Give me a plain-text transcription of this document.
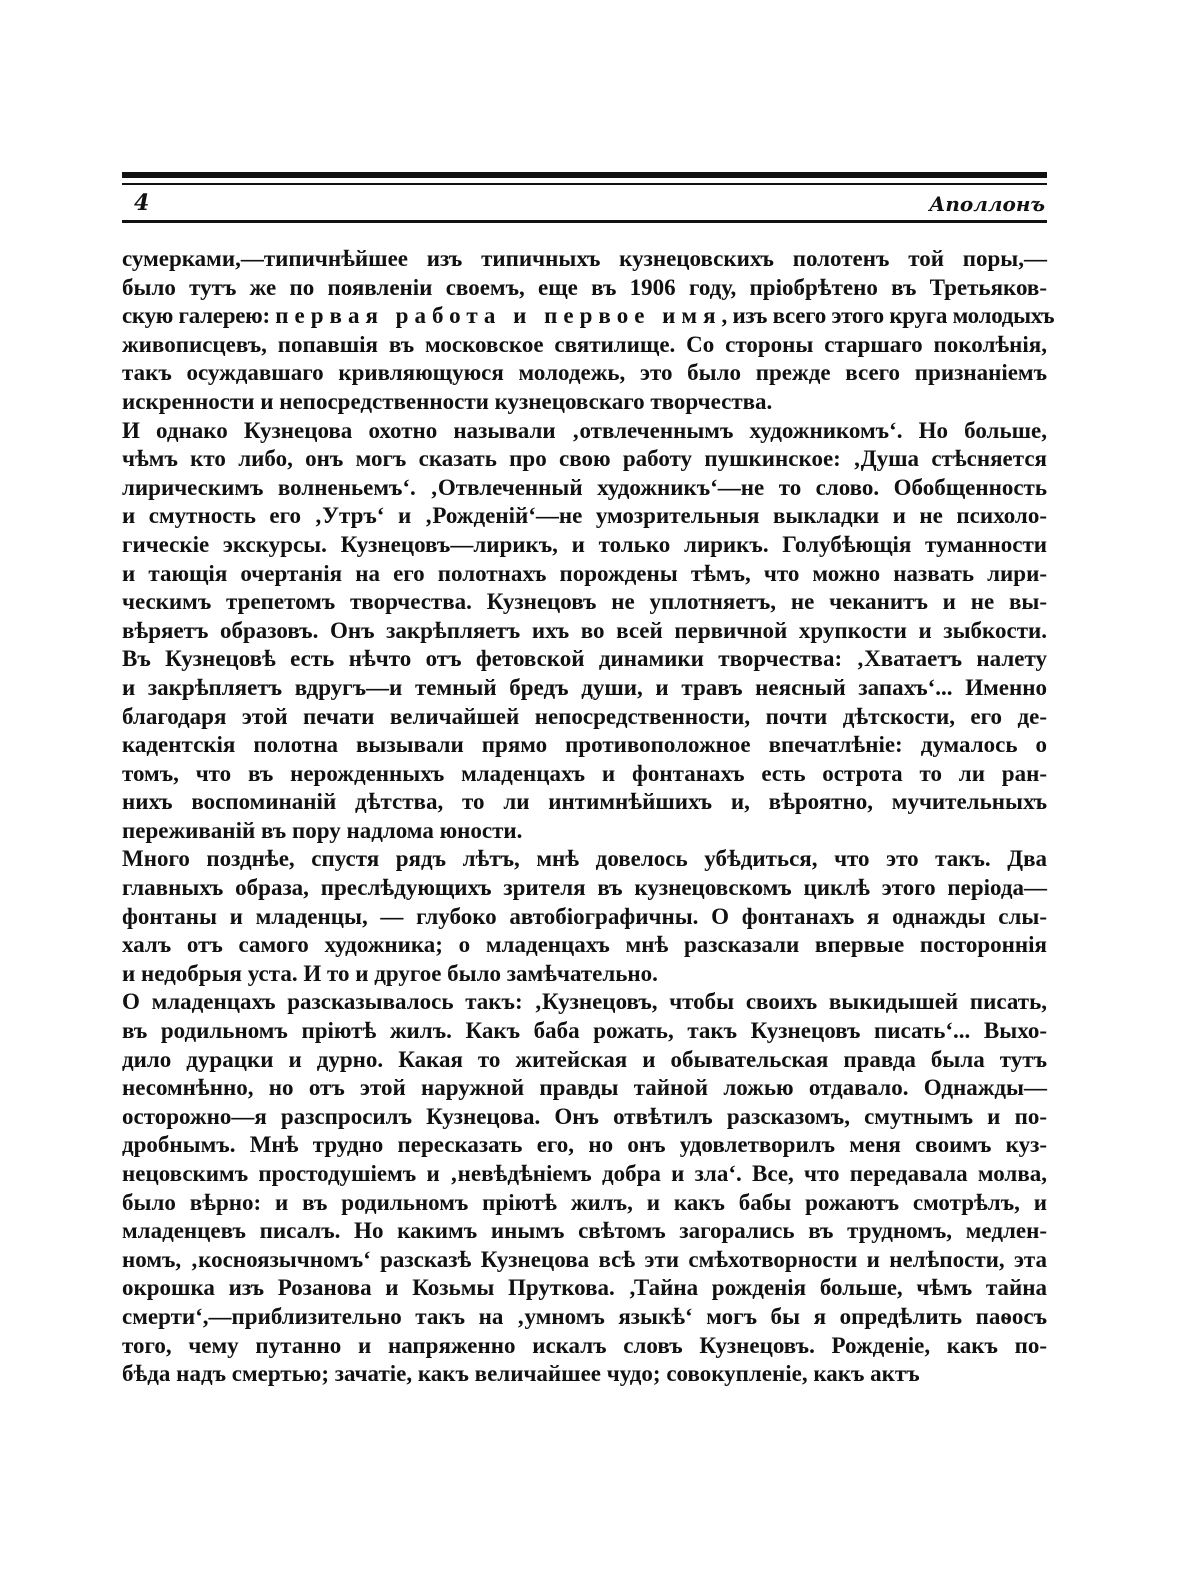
4	Аполлонъ
сумерками,—типичнѣйшее изъ типичныхъ кузнецовскихъ полотенъ той поры,—
было тутъ же по появленіи своемъ, еще въ 1906 году, пріобрѣтено въ Третьяков-
скую галерею: первая работа и первое имя, изъ всего этого круга молодыхъ
живописцевъ, попавшія въ московское святилище. Со стороны старшаго поколѣнія,
такъ осуждавшаго кривляющуюся молодежь, это было прежде всего признаніемъ
искренности и непосредственности кузнецовскаго творчества.
И однако Кузнецова охотно называли ‚отвлеченнымъ художникомъ‘. Но больше,
чѣмъ кто либо, онъ могъ сказать про свою работу пушкинское: ‚Душа стѣсняется
лирическимъ волненьемъ‘. ‚Отвлеченный художникъ‘—не то слово. Обобщенность
и смутность его ‚Утръ‘ и ‚Рожденій‘—не умозрительныя выкладки и не психоло-
гическіе экскурсы. Кузнецовъ—лирикъ, и только лирикъ. Голубѣющія туманности
и тающія очертанія на его полотнахъ порождены тѣмъ, что можно назвать лири-
ческимъ трепетомъ творчества. Кузнецовъ не уплотняетъ, не чеканитъ и не вы-
вѣряетъ образовъ. Онъ закрѣпляетъ ихъ во всей первичной хрупкости и зыбкости.
Въ Кузнецовѣ есть нѣчто отъ фетовской динамики творчества: ‚Хватаетъ налету
и закрѣпляетъ вдругъ—и темный бредъ души, и травъ неясный запахъ‘... Именно
благодаря этой печати величайшей непосредственности, почти дѣтскости, его де-
кадентскія полотна вызывали прямо противоположное впечатлѣніе: думалось о
томъ, что въ нерожденныхъ младенцахъ и фонтанахъ есть острота то ли ран-
нихъ воспоминаній дѣтства, то ли интимнѣйшихъ и, вѣроятно, мучительныхъ
переживаній въ пору надлома юности.
Много позднѣе, спустя рядъ лѣтъ, мнѣ довелось убѣдиться, что это такъ. Два
главныхъ образа, преслѣдующихъ зрителя въ кузнецовскомъ циклѣ этого періода—
фонтаны и младенцы, — глубоко автобіографичны. О фонтанахъ я однажды слы-
халъ отъ самого художника; о младенцахъ мнѣ разсказали впервые постороннія
и недобрыя уста. И то и другое было замѣчательно.
О младенцахъ разсказывалось такъ: ‚Кузнецовъ, чтобы своихъ выкидышей писать,
въ родильномъ пріютѣ жилъ. Какъ баба рожать, такъ Кузнецовъ писать‘... Выхо-
дило дурацки и дурно. Какая то житейская и обывательская правда была тутъ
несомнѣнно, но отъ этой наружной правды тайной ложью отдавало. Однажды—
осторожно—я разспросилъ Кузнецова. Онъ отвѣтилъ разсказомъ, смутнымъ и по-
дробнымъ. Мнѣ трудно пересказать его, но онъ удовлетворилъ меня своимъ куз-
нецовскимъ простодушіемъ и ‚невѣдѣніемъ добра и зла‘. Все, что передавала молва,
было вѣрно: и въ родильномъ пріютѣ жилъ, и какъ бабы рожаютъ смотрѣлъ, и
младенцевъ писалъ. Но какимъ инымъ свѣтомъ загорались въ трудномъ, медлен-
номъ, ‚косноязычномъ‘ разсказѣ Кузнецова всѣ эти смѣхотворности и нелѣпости, эта
окрошка изъ Розанова и Козьмы Пруткова. ‚Тайна рожденія больше, чѣмъ тайна
смерти‘,—приблизительно такъ на ‚умномъ языкѣ‘ могъ бы я опредѣлить паѳосъ
того, чему путанно и напряженно искалъ словъ Кузнецовъ. Рожденіе, какъ по-
бѣда надъ смертью; зачатіе, какъ величайшее чудо; совокупленіе, какъ актъ
